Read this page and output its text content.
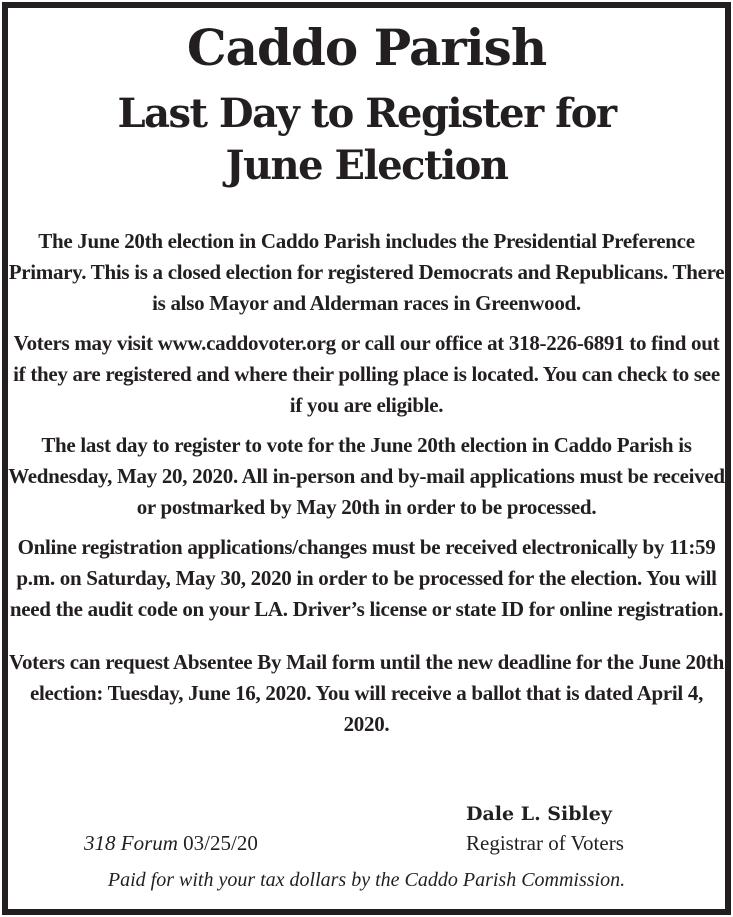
Caddo Parish
Last Day to Register for
June Election

The June 20th election in Caddo Parish includes the Presidential Preference Primary. This is a closed election for registered Democrats and Republicans. There is also Mayor and Alderman races in Greenwood.

Voters may visit www.caddovoter.org or call our office at 318-226-6891 to find out if they are registered and where their polling place is located. You can check to see if you are eligible.

The last day to register to vote for the June 20th election in Caddo Parish is Wednesday, May 20, 2020. All in-person and by-mail applications must be received or postmarked by May 20th in order to be processed.

Online registration applications/changes must be received electronically by 11:59 p.m. on Saturday, May 30, 2020 in order to be processed for the election. You will need the audit code on your LA. Driver’s license or state ID for online registration.

Voters can request Absentee By Mail form until the new deadline for the June 20th election: Tuesday, June 16, 2020. You will receive a ballot that is dated April 4, 2020.

Dale L. Sibley
Registrar of Voters
318 Forum 03/25/20
Paid for with your tax dollars by the Caddo Parish Commission.
